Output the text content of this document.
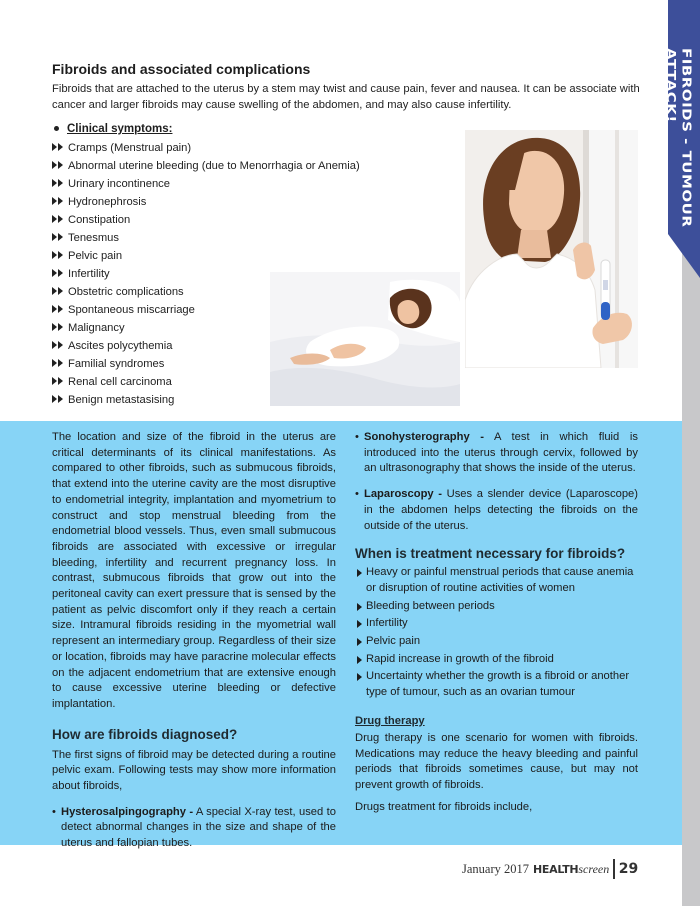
FIBROIDS - TUMOUR ATTACK!
Fibroids and associated complications
Fibroids that are attached to the uterus by a stem may twist and cause pain, fever and nausea. It can be associate with cancer and larger fibroids may cause swelling of the abdomen, and may also cause infertility.
Clinical symptoms:
Cramps (Menstrual pain)
Abnormal uterine bleeding (due to Menorrhagia or Anemia)
Urinary incontinence
Hydronephrosis
Constipation
Tenesmus
Pelvic pain
Infertility
Obstetric complications
Spontaneous miscarriage
Malignancy
Ascites polycythemia
Familial syndromes
Renal cell carcinoma
Benign metastasising

The location and size of the fibroid in the uterus are critical determinants of its clinical manifestations. As compared to other fibroids, such as submucous fibroids, that extend into the uterine cavity are the most disruptive to endometrial integrity, implantation and myometrium to construct and stop menstrual bleeding from the endometrial blood vessels. Thus, even small submucous fibroids are associated with excessive or irregular bleeding, infertility and recurrent pregnancy loss. In contrast, submucous fibroids that grow out into the peritoneal cavity can exert pressure that is sensed by the patient as pelvic discomfort only if they reach a certain size. Intramural fibroids residing in the myometrial wall represent an intermediary group. Regardless of their size or location, fibroids may have paracrine molecular effects on the adjacent endometrium that are extensive enough to cause excessive uterine bleeding or defective implantation.

How are fibroids diagnosed?

The first signs of fibroid may be detected during a routine pelvic exam. Following tests may show more information about fibroids,

• Hysterosalpingography - A special X-ray test, used to detect abnormal changes in the size and shape of the uterus and fallopian tubes.
• Sonohysterography - A test in which fluid is introduced into the uterus through cervix, followed by an ultrasonography that shows the inside of the uterus.
• Laparoscopy - Uses a slender device (Laparoscope) in the abdomen helps detecting the fibroids on the outside of the uterus.
When is treatment necessary for fibroids?
Heavy or painful menstrual periods that cause anemia or disruption of routine activities of women
Bleeding between periods
Infertility
Pelvic pain
Rapid increase in growth of the fibroid
Uncertainty whether the growth is a fibroid or another type of tumour, such as an ovarian tumour
Drug therapy

Drug therapy is one scenario for women with fibroids. Medications may reduce the heavy bleeding and painful periods that fibroids sometimes cause, but may not prevent growth of fibroids.

Drugs treatment for fibroids include,

January 2017 HEALTH screen 29
